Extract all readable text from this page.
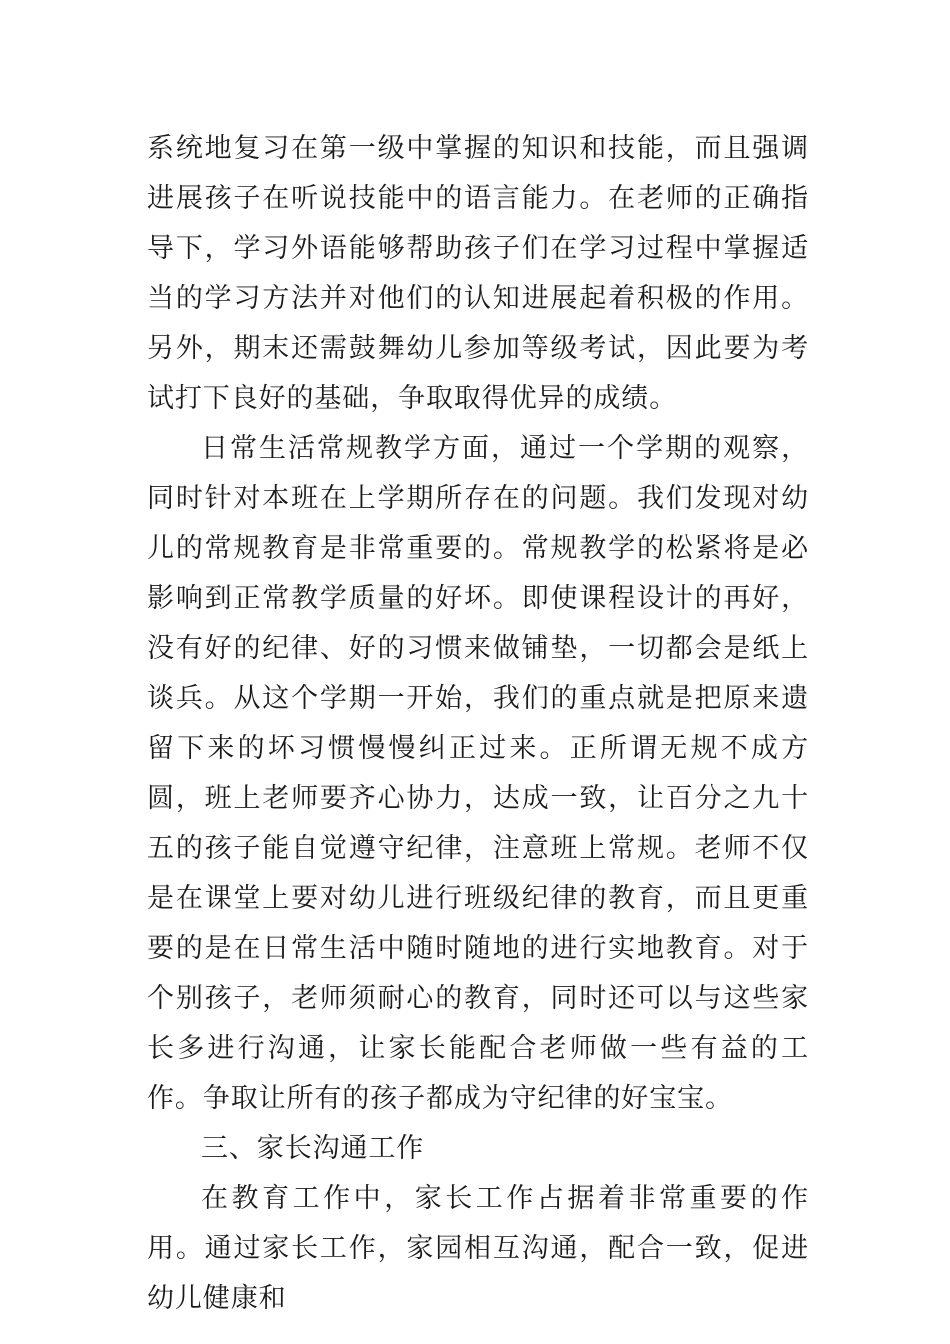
系统地复习在第一级中掌握的知识和技能，而且强调进展孩子在听说技能中的语言能力。在老师的正确指导下，学习外语能够帮助孩子们在学习过程中掌握适当的学习方法并对他们的认知进展起着积极的作用。另外，期末还需鼓舞幼儿参加等级考试，因此要为考试打下良好的基础，争取取得优异的成绩。

日常生活常规教学方面，通过一个学期的观察，同时针对本班在上学期所存在的问题。我们发现对幼儿的常规教育是非常重要的。常规教学的松紧将是必影响到正常教学质量的好坏。即使课程设计的再好，没有好的纪律、好的习惯来做铺垫，一切都会是纸上谈兵。从这个学期一开始，我们的重点就是把原来遗留下来的坏习惯慢慢纠正过来。正所谓无规不成方圆，班上老师要齐心协力，达成一致，让百分之九十五的孩子能自觉遵守纪律，注意班上常规。老师不仅是在课堂上要对幼儿进行班级纪律的教育，而且更重要的是在日常生活中随时随地的进行实地教育。对于个别孩子，老师须耐心的教育，同时还可以与这些家长多进行沟通，让家长能配合老师做一些有益的工作。争取让所有的孩子都成为守纪律的好宝宝。

三、家长沟通工作

在教育工作中，家长工作占据着非常重要的作用。通过家长工作，家园相互沟通，配合一致，促进幼儿健康和
